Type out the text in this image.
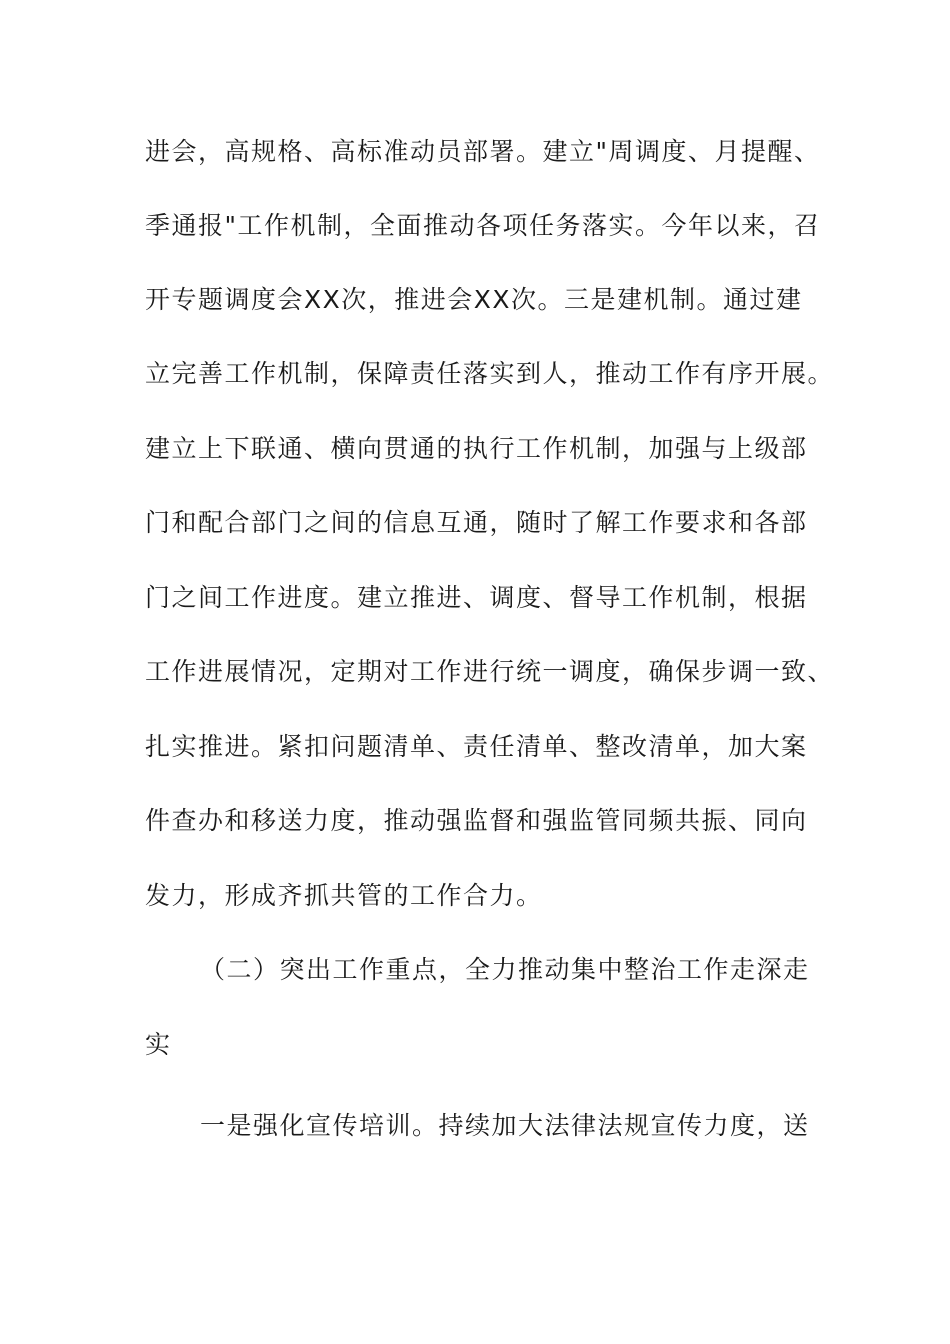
进会，高规格、高标准动员部署。建立"周调度、月提醒、
季通报"工作机制，全面推动各项任务落实。今年以来，召
开专题调度会XX次，推进会XX次。三是建机制。通过建
立完善工作机制，保障责任落实到人，推动工作有序开展。
建立上下联通、横向贯通的执行工作机制，加强与上级部
门和配合部门之间的信息互通，随时了解工作要求和各部
门之间工作进度。建立推进、调度、督导工作机制，根据
工作进展情况，定期对工作进行统一调度，确保步调一致、
扎实推进。紧扣问题清单、责任清单、整改清单，加大案
件查办和移送力度，推动强监督和强监管同频共振、同向
发力，形成齐抓共管的工作合力。
（二）突出工作重点，全力推动集中整治工作走深走
实
一是强化宣传培训。持续加大法律法规宣传力度，送
